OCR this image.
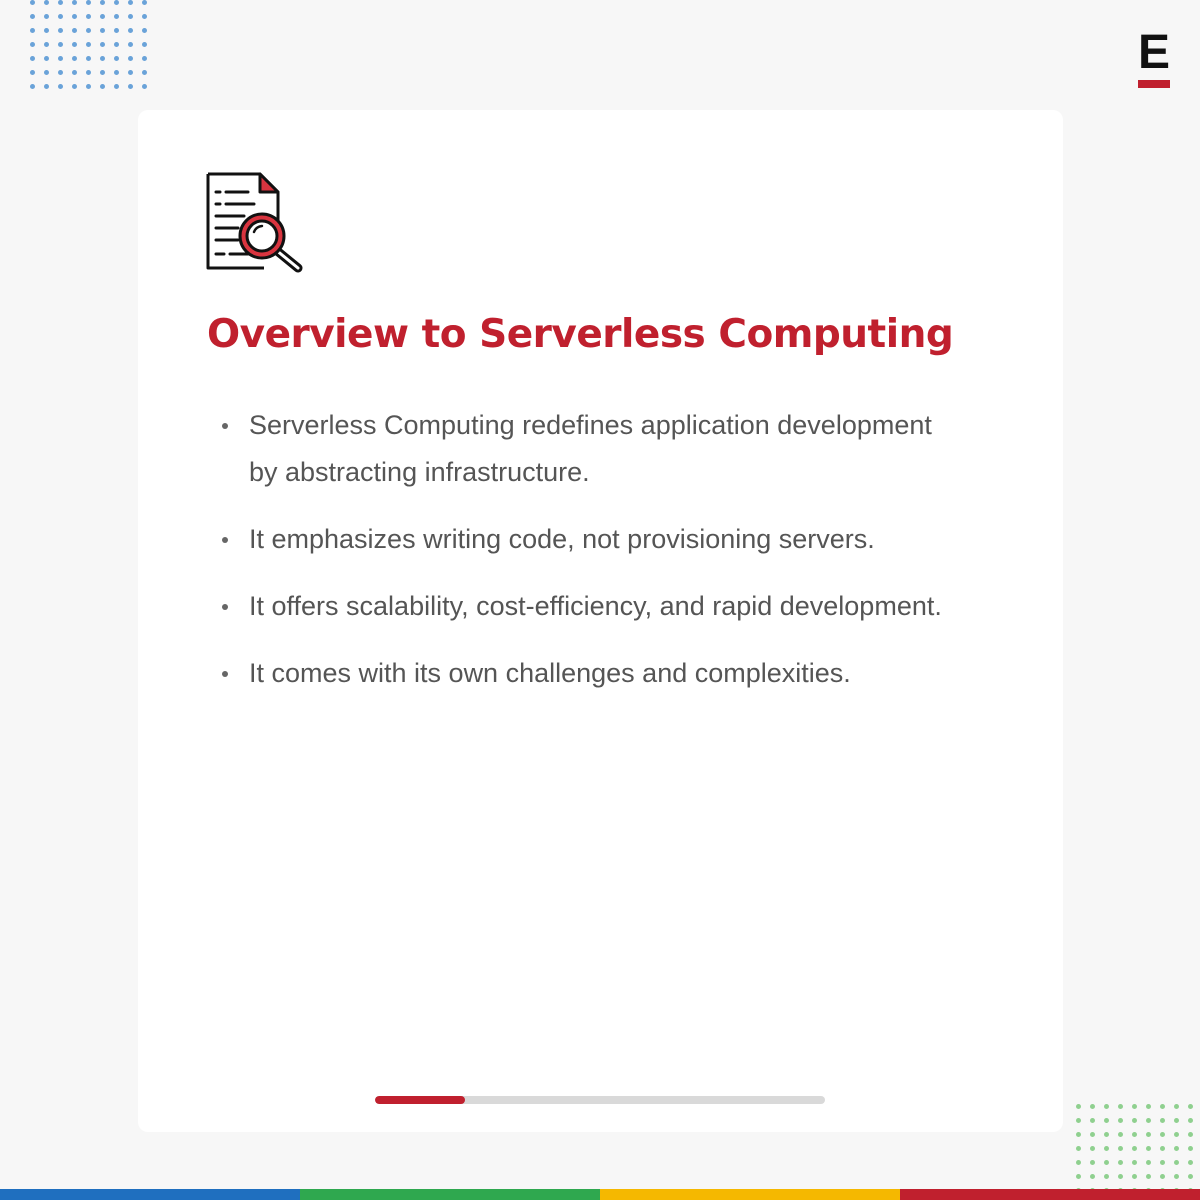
E
Overview to Serverless Computing
Serverless Computing redefines application development by abstracting infrastructure.
It emphasizes writing code, not provisioning servers.
It offers scalability, cost-efficiency, and rapid development.
It comes with its own challenges and complexities.
